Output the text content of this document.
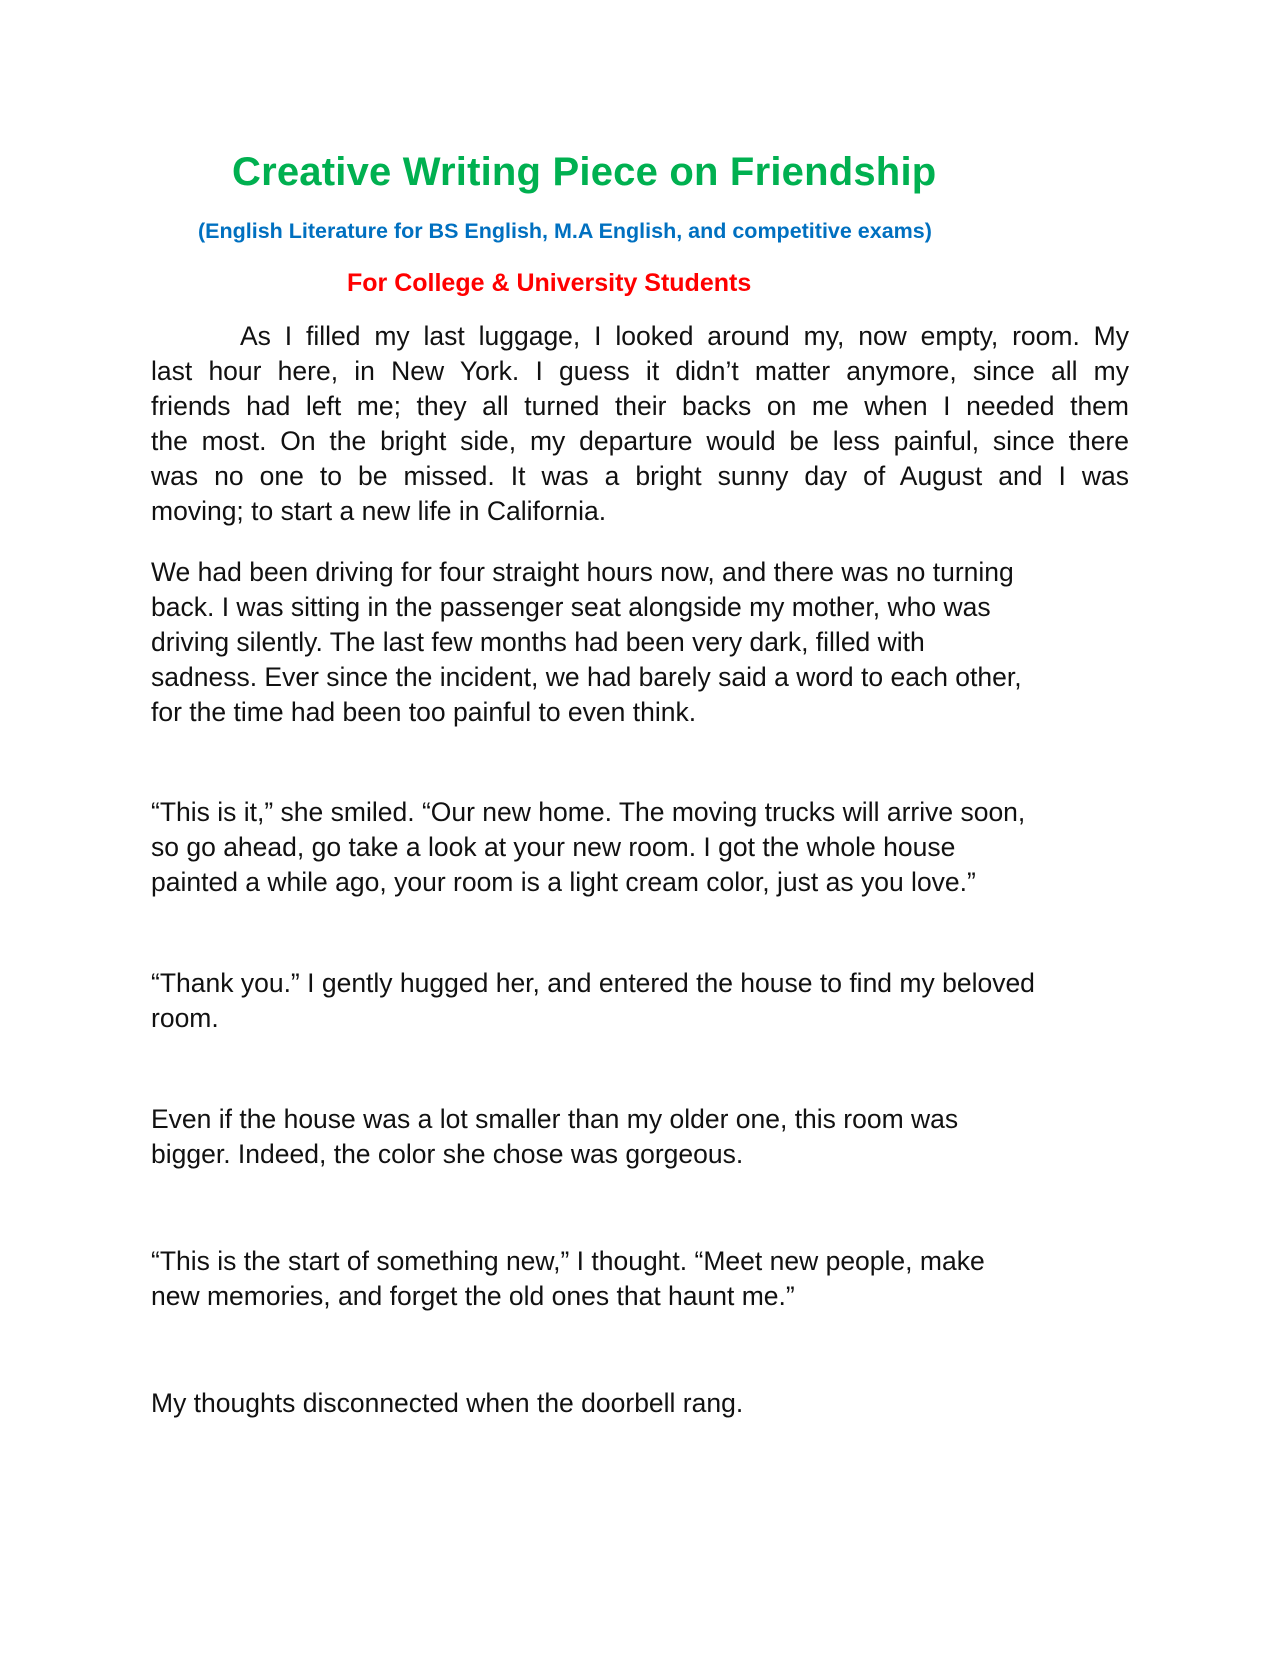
Creative Writing Piece on Friendship
(English Literature for BS English, M.A English, and competitive exams)
For College & University Students
As I filled my last luggage, I looked around my, now empty, room. My
last hour here, in New York. I guess it didn’t matter anymore, since all my
friends had left me; they all turned their backs on me when I needed them
the most. On the bright side, my departure would be less painful, since there
was no one to be missed. It was a bright sunny day of August and I was
moving; to start a new life in California.
We had been driving for four straight hours now, and there was no turning
back. I was sitting in the passenger seat alongside my mother, who was
driving silently. The last few months had been very dark, filled with
sadness. Ever since the incident, we had barely said a word to each other,
for the time had been too painful to even think.
“This is it,” she smiled. “Our new home. The moving trucks will arrive soon,
so go ahead, go take a look at your new room. I got the whole house
painted a while ago, your room is a light cream color, just as you love.”
“Thank you.” I gently hugged her, and entered the house to find my beloved
room.
Even if the house was a lot smaller than my older one, this room was
bigger. Indeed, the color she chose was gorgeous.
“This is the start of something new,” I thought. “Meet new people, make
new memories, and forget the old ones that haunt me.”
My thoughts disconnected when the doorbell rang.
